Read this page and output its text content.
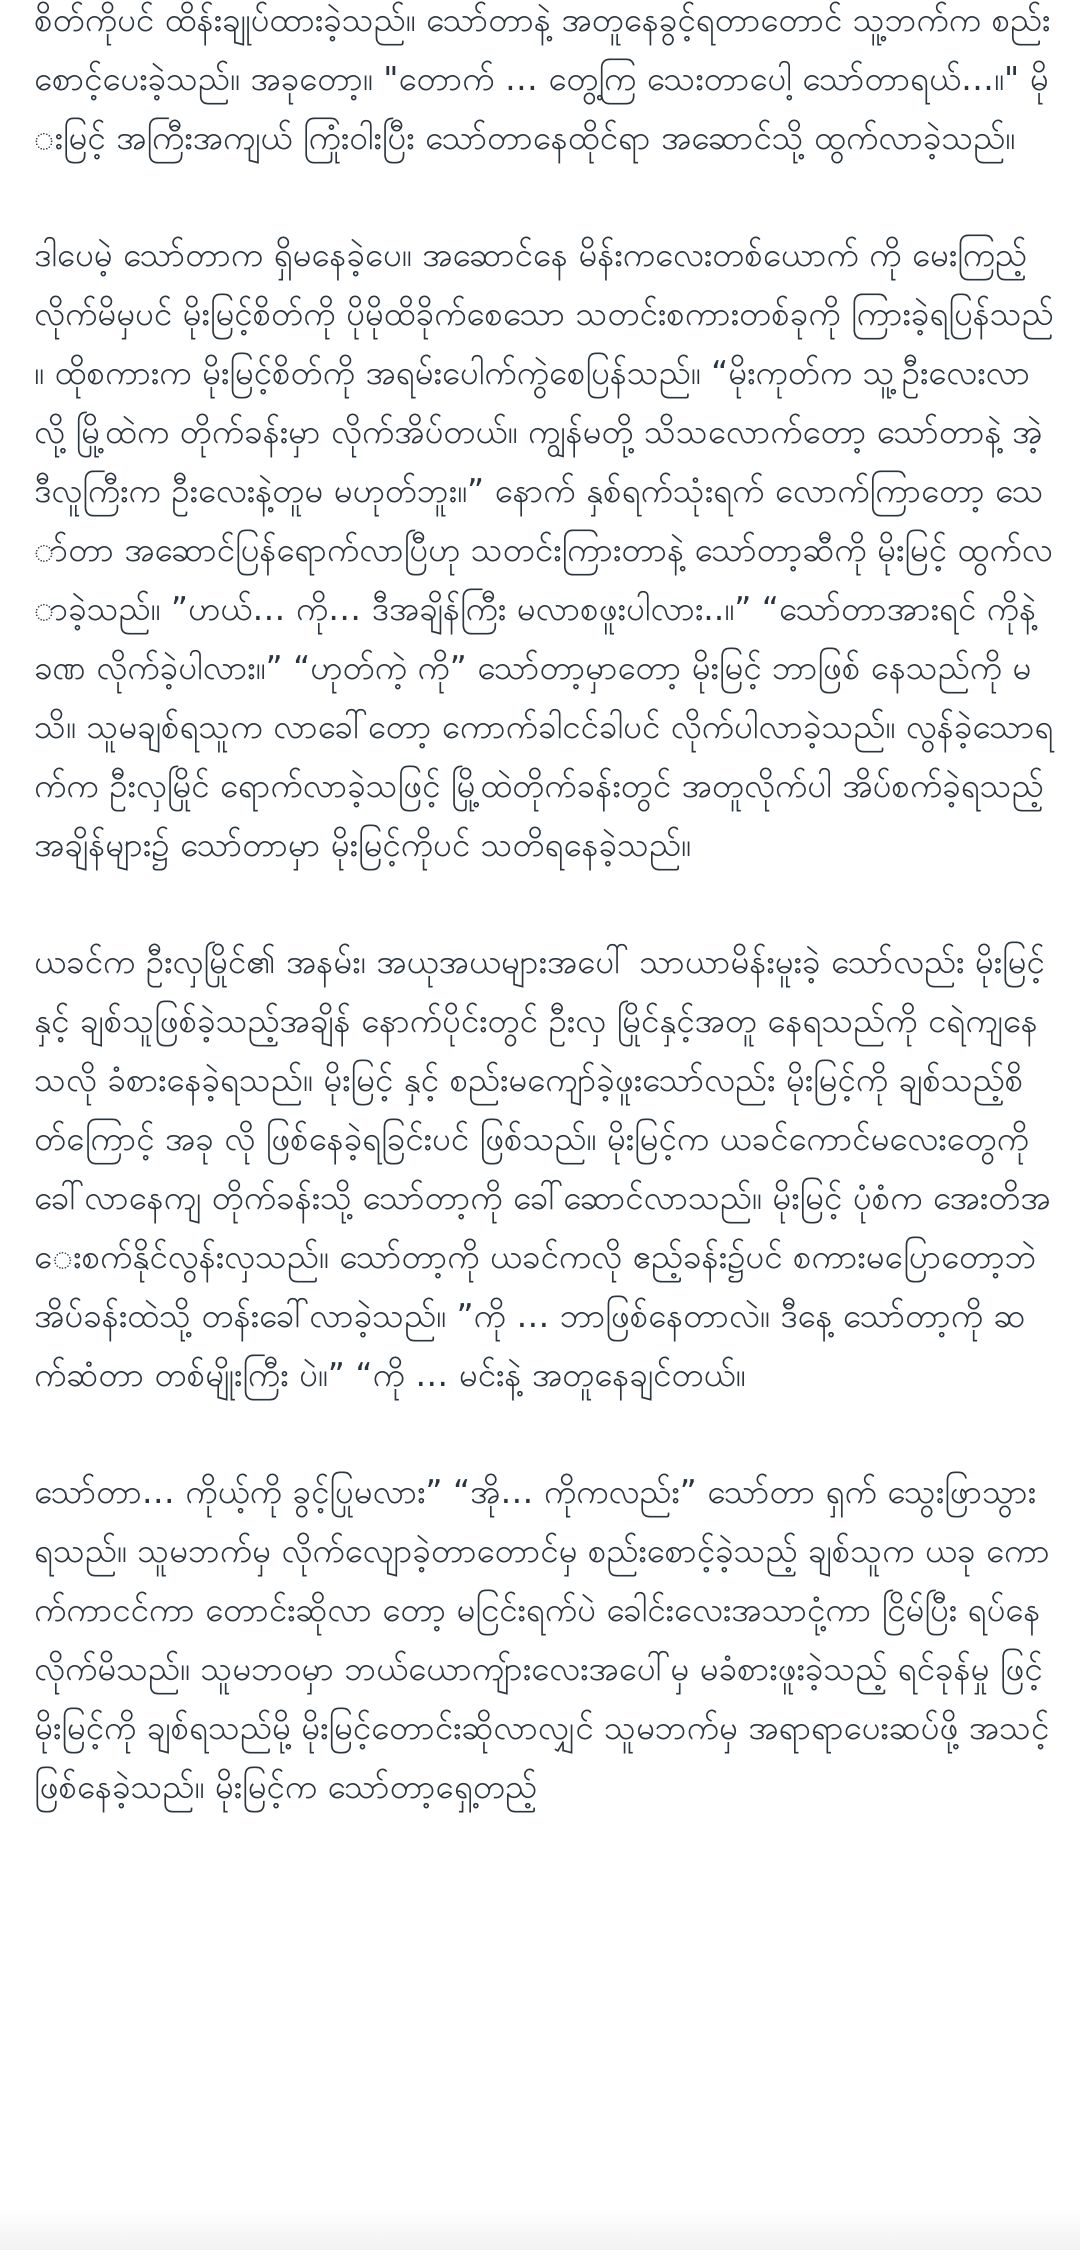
စိတ်ကိုပင် ထိန်းချုပ်ထားခဲ့သည်။ သော်တာနဲ့ အတူနေခွင့်ရတာတောင် သူ့ဘက်က စည်းစောင့်ပေးခဲ့သည်။ အခုတော့။ "တောက် … တွေ့ကြ သေးတာပေါ့ သော်တာရယ်…။" မိုးမြင့် အကြီးအကျယ် ကြုံးဝါးပြီး သော်တာနေထိုင်ရာ အဆောင်သို့ ထွက်လာခဲ့သည်။

ဒါပေမဲ့ သော်တာက ရှိမနေခဲ့ပေ။ အဆောင်နေ မိန်းကလေးတစ်ယောက် ကို မေးကြည့်လိုက်မိမှပင် မိုးမြင့်စိတ်ကို ပိုမိုထိခိုက်စေသော သတင်းစကားတစ်ခုကို ကြားခဲ့ရပြန်သည်။ ထိုစကားက မိုးမြင့်စိတ်ကို အရမ်းပေါက်ကွဲစေပြန်သည်။ “မိုးကုတ်က သူ့ဦးလေးလာလို့ မြို့ထဲက တိုက်ခန်းမှာ လိုက်အိပ်တယ်။ ကျွန်မတို့ သိသလောက်တော့ သော်တာနဲ့ အဲ့ဒီလူကြီးက ဦးလေးနဲ့တူမ မဟုတ်ဘူး။” နောက် နှစ်ရက်သုံးရက် လောက်ကြာတော့ သော်တာ အဆောင်ပြန်ရောက်လာပြီဟု သတင်းကြားတာနဲ့ သော်တာ့ဆီကို မိုးမြင့် ထွက်လာခဲ့သည်။ ”ဟယ်… ကို… ဒီအချိန်ကြီး မလာစဖူးပါလား..။” “သော်တာအားရင် ကိုနဲ့ ခဏ လိုက်ခဲ့ပါလား။” “ဟုတ်ကဲ့ ကို” သော်တာ့မှာတော့ မိုးမြင့် ဘာဖြစ် နေသည်ကို မသိ။ သူမချစ်ရသူက လာခေါ်တော့ ကောက်ခါငင်ခါပင် လိုက်ပါလာခဲ့သည်။ လွန်ခဲ့သောရက်က ဦးလှမြိုင် ရောက်လာခဲ့သဖြင့် မြို့ထဲတိုက်ခန်းတွင် အတူလိုက်ပါ အိပ်စက်ခဲ့ရသည့် အချိန်များ၌ သော်တာမှာ မိုးမြင့်ကိုပင် သတိရနေခဲ့သည်။

ယခင်က ဦးလှမြိုင်၏ အနမ်း၊ အယုအယများအပေါ် သာယာမိန်းမူးခဲ့ သော်လည်း မိုးမြင့်နှင့် ချစ်သူဖြစ်ခဲ့သည့်အချိန် နောက်ပိုင်းတွင် ဦးလှ မြိုင်နှင့်အတူ နေရသည်ကို ငရဲကျနေသလို ခံစားနေခဲ့ရသည်။ မိုးမြင့် နှင့် စည်းမကျော်ခဲ့ဖူးသော်လည်း မိုးမြင့်ကို ချစ်သည့်စိတ်ကြောင့် အခု လို ဖြစ်နေခဲ့ရခြင်းပင် ဖြစ်သည်။ မိုးမြင့်က ယခင်ကောင်မလေးတွေကို ခေါ်လာနေကျ တိုက်ခန်းသို့ သော်တာ့ကို ခေါ်ဆောင်လာသည်။ မိုးမြင့် ပုံစံက အေးတိအေးစက်နိုင်လွန်းလှသည်။ သော်တာ့ကို ယခင်ကလို ဧည့်ခန်း၌ပင် စကားမပြောတော့ဘဲ အိပ်ခန်းထဲသို့ တန်းခေါ်လာခဲ့သည်။ ”ကို … ဘာဖြစ်နေတာလဲ။ ဒီနေ့ သော်တာ့ကို ဆက်ဆံတာ တစ်မျိုးကြီး ပဲ။” “ကို … မင်းနဲ့ အတူနေချင်တယ်။

သော်တာ… ကိုယ့်ကို ခွင့်ပြုမလား” “အို… ကိုကလည်း” သော်တာ ရှက် သွေးဖြာသွားရသည်။ သူမဘက်မှ လိုက်လျောခဲ့တာတောင်မှ စည်းစောင့်ခဲ့သည့် ချစ်သူက ယခု ကောက်ကာငင်ကာ တောင်းဆိုလာ တော့ မငြင်းရက်ပဲ ခေါင်းလေးအသာငုံ့ကာ ငြိမ်ပြီး ရပ်နေလိုက်မိသည်။ သူမဘဝမှာ ဘယ်ယောကျ်ားလေးအပေါ်မှ မခံစားဖူးခဲ့သည့် ရင်ခုန်မှု ဖြင့် မိုးမြင့်ကို ချစ်ရသည်မို့ မိုးမြင့်တောင်းဆိုလာလျှင် သူမဘက်မှ အရာရာပေးဆပ်ဖို့ အသင့်ဖြစ်နေခဲ့သည်။ မိုးမြင့်က သော်တာ့ရှေ့တည့်
